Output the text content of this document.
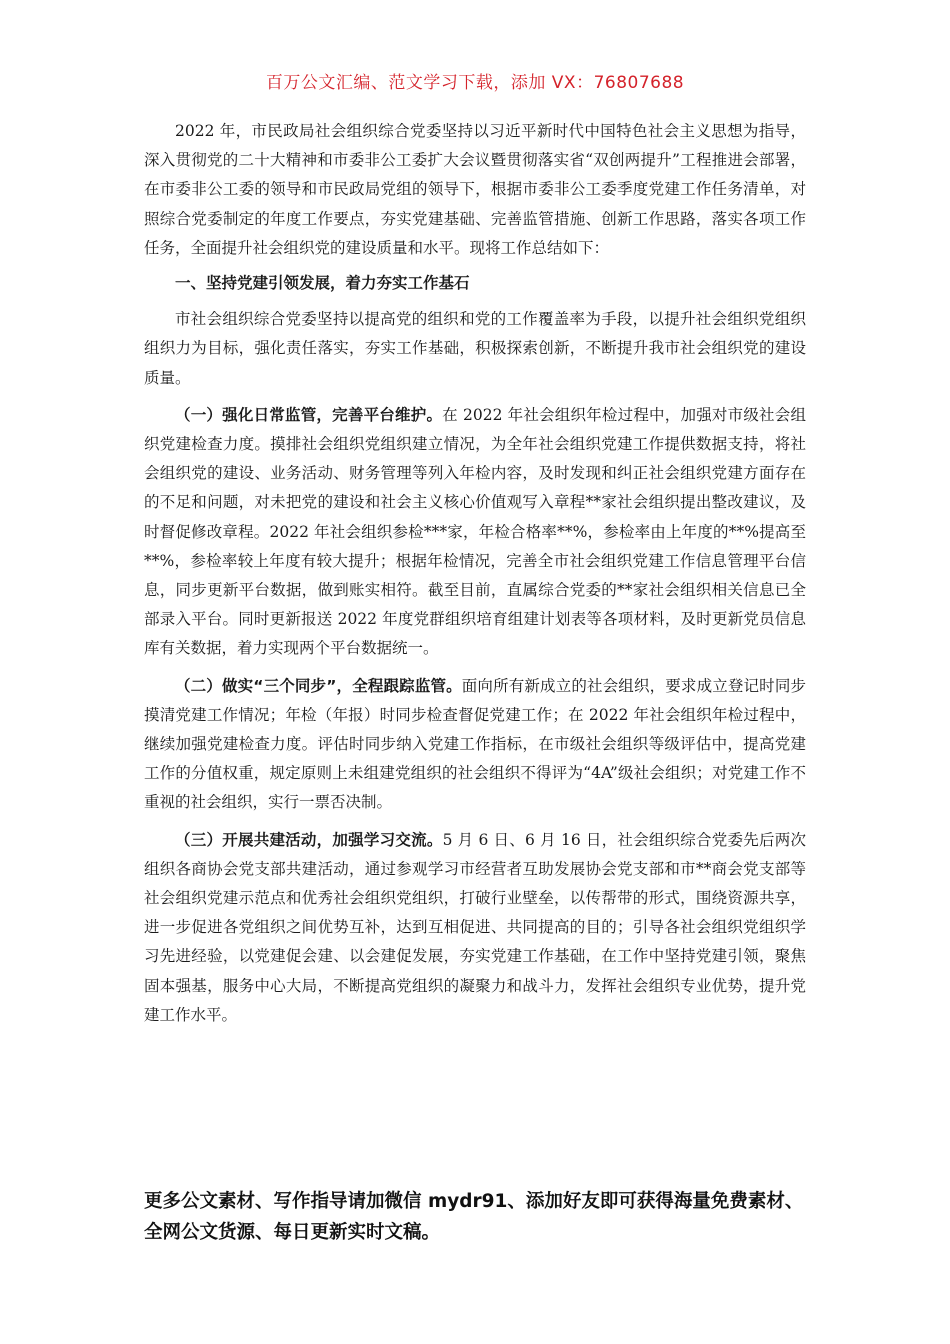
百万公文汇编、范文学习下载，添加 VX：76807688

2022 年，市民政局社会组织综合党委坚持以习近平新时代中国特色社会主义思想为指导，深入贯彻党的二十大精神和市委非公工委扩大会议暨贯彻落实省“双创两提升”工程推进会部署，在市委非公工委的领导和市民政局党组的领导下，根据市委非公工委季度党建工作任务清单，对照综合党委制定的年度工作要点，夯实党建基础、完善监管措施、创新工作思路，落实各项工作任务，全面提升社会组织党的建设质量和水平。现将工作总结如下：

一、坚持党建引领发展，着力夯实工作基石

市社会组织综合党委坚持以提高党的组织和党的工作覆盖率为手段，以提升社会组织党组织组织力为目标，强化责任落实，夯实工作基础，积极探索创新，不断提升我市社会组织党的建设质量。

（一）强化日常监管，完善平台维护。在 2022 年社会组织年检过程中，加强对市级社会组织党建检查力度。摸排社会组织党组织建立情况，为全年社会组织党建工作提供数据支持，将社会组织党的建设、业务活动、财务管理等列入年检内容，及时发现和纠正社会组织党建方面存在的不足和问题，对未把党的建设和社会主义核心价值观写入章程**家社会组织提出整改建议，及时督促修改章程。2022 年社会组织参检***家，年检合格率**%，参检率由上年度的**%提高至**%，参检率较上年度有较大提升；根据年检情况，完善全市社会组织党建工作信息管理平台信息，同步更新平台数据，做到账实相符。截至目前，直属综合党委的**家社会组织相关信息已全部录入平台。同时更新报送 2022 年度党群组织培育组建计划表等各项材料，及时更新党员信息库有关数据，着力实现两个平台数据统一。

（二）做实“三个同步”，全程跟踪监管。面向所有新成立的社会组织，要求成立登记时同步摸清党建工作情况；年检（年报）时同步检查督促党建工作；在 2022 年社会组织年检过程中，继续加强党建检查力度。评估时同步纳入党建工作指标，在市级社会组织等级评估中，提高党建工作的分值权重，规定原则上未组建党组织的社会组织不得评为“4A”级社会组织；对党建工作不重视的社会组织，实行一票否决制。

（三）开展共建活动，加强学习交流。5 月 6 日、6 月 16 日，社会组织综合党委先后两次组织各商协会党支部共建活动，通过参观学习市经营者互助发展协会党支部和市**商会党支部等社会组织党建示范点和优秀社会组织党组织，打破行业壁垒，以传帮带的形式，围绕资源共享，进一步促进各党组织之间优势互补，达到互相促进、共同提高的目的；引导各社会组织党组织学习先进经验，以党建促会建、以会建促发展，夯实党建工作基础，在工作中坚持党建引领，聚焦固本强基，服务中心大局，不断提高党组织的凝聚力和战斗力，发挥社会组织专业优势，提升党建工作水平。

更多公文素材、写作指导请加微信 mydr91、添加好友即可获得海量免费素材、全网公文货源、每日更新实时文稿。
